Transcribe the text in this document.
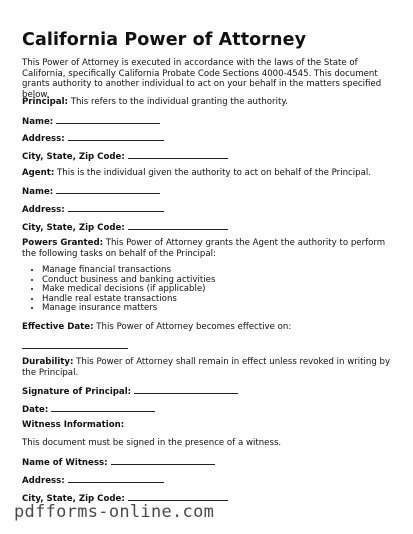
California Power of Attorney

This Power of Attorney is executed in accordance with the laws of the State of California, specifically California Probate Code Sections 4000-4545. This document grants authority to another individual to act on your behalf in the matters specified below.

Principal: This refers to the individual granting the authority.

Name:

Address:

City, State, Zip Code:

Agent: This is the individual given the authority to act on behalf of the Principal.

Name:

Address:

City, State, Zip Code:

Powers Granted: This Power of Attorney grants the Agent the authority to perform the following tasks on behalf of the Principal:

• Manage financial transactions
• Conduct business and banking activities
• Make medical decisions (if applicable)
• Handle real estate transactions
• Manage insurance matters

Effective Date: This Power of Attorney becomes effective on:

Durability: This Power of Attorney shall remain in effect unless revoked in writing by the Principal.

Signature of Principal:

Date:

Witness Information:

This document must be signed in the presence of a witness.

Name of Witness:

Address:

City, State, Zip Code:

pdfforms-online.com
